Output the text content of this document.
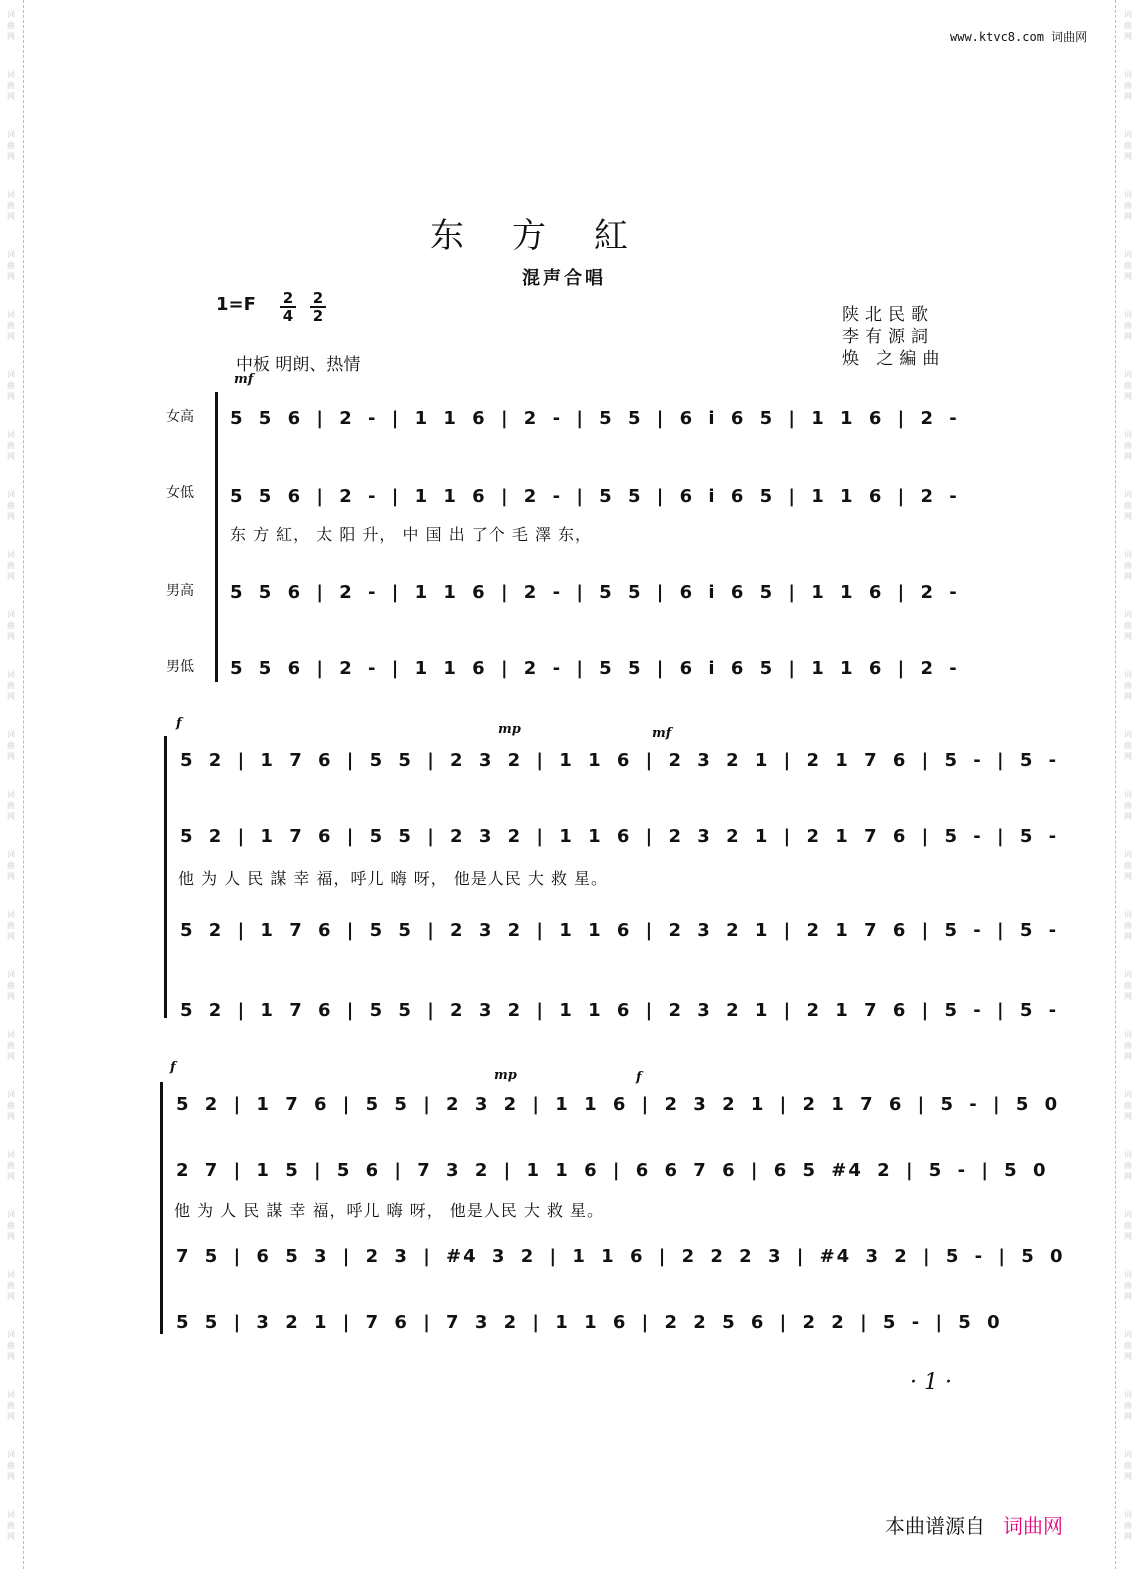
词
曲
网
词
曲
网
词
曲
网
词
曲
网
词
曲
网
词
曲
网
词
曲
网
词
曲
网
词
曲
网
词
曲
网
词
曲
网
词
曲
网
词
曲
网
词
曲
网
词
曲
网
词
曲
网
词
曲
网
词
曲
网
词
曲
网
词
曲
网
词
曲
网
词
曲
网
词
曲
网
词
曲
网
词
曲
网
词
曲
网
词
曲
网
词
曲
网
词
曲
网
词
曲
网
词
曲
网
词
曲
网
词
曲
网
词
曲
网
词
曲
网
词
曲
网
词
曲
网
词
曲
网
词
曲
网
词
曲
网
词
曲
网
词
曲
网
词
曲
网
词
曲
网
词
曲
网
词
曲
网
词
曲
网
词
曲
网
词
曲
网
词
曲
网
词
曲
网
词
曲
网
www.ktvc8.com 词曲网
东方紅
混声合唱
$1=F \frac{2}{4} \frac{2}{2}$	陕北民歌
李有源詞
焕 之編曲
中板 明朗、热情
mf
女高
女低
男高
男低
5 5 6 | 2 - | 1 1 6 | 2 - | 5 5 | 6 i 6 5 | 1 1 6 | 2 -
5 5 6 | 2 - | 1 1 6 | 2 - | 5 5 | 6 i 6 5 | 1 1 6 | 2 -
东 方 紅， 太 阳 升， 中 国 出 了个 毛 澤 东，
5 5 6 | 2 - | 1 1 6 | 2 - | 5 5 | 6 i 6 5 | 1 1 6 | 2 -
5 5 6 | 2 - | 1 1 6 | 2 - | 5 5 | 6 i 6 5 | 1 1 6 | 2 -
f	mp	mf
5 2 | 1 7 6 | 5 5 | 2 3 2 | 1 1 6 | 2 3 2 1 | 2 1 7 6 | 5 - | 5 -
5 2 | 1 7 6 | 5 5 | 2 3 2 | 1 1 6 | 2 3 2 1 | 2 1 7 6 | 5 - | 5 -
他 为 人 民 謀 幸 福，呼儿 嗨 呀， 他是人民 大 救 星。
5 2 | 1 7 6 | 5 5 | 2 3 2 | 1 1 6 | 2 3 2 1 | 2 1 7 6 | 5 - | 5 -
5 2 | 1 7 6 | 5 5 | 2 3 2 | 1 1 6 | 2 3 2 1 | 2 1 7 6 | 5 - | 5 -
f
mp	f
5 2 | 1 7 6 | 5 5 | 2 3 2 | 1 1 6 | 2 3 2 1 | 2 1 7 6 | 5 - | 5 0
2 7 | 1 5 | 5 6 | 7 3 2 | 1 1 6 | 6 6 7 6 | 6 5 #4 2 | 5 - | 5 0
他 为 人 民 謀 幸 福，呼儿 嗨 呀， 他是人民 大 救 星。
7 5 | 6 5 3 | 2 3 | #4 3 2 | 1 1 6 | 2 2 2 3 | #4 3 2 | 5 - | 5 0
5 5 | 3 2 1 | 7 6 | 7 3 2 | 1 1 6 | 2 2 5 6 | 2 2 | 5 - | 5 0
· 1 ·
本曲谱源自 词曲网
